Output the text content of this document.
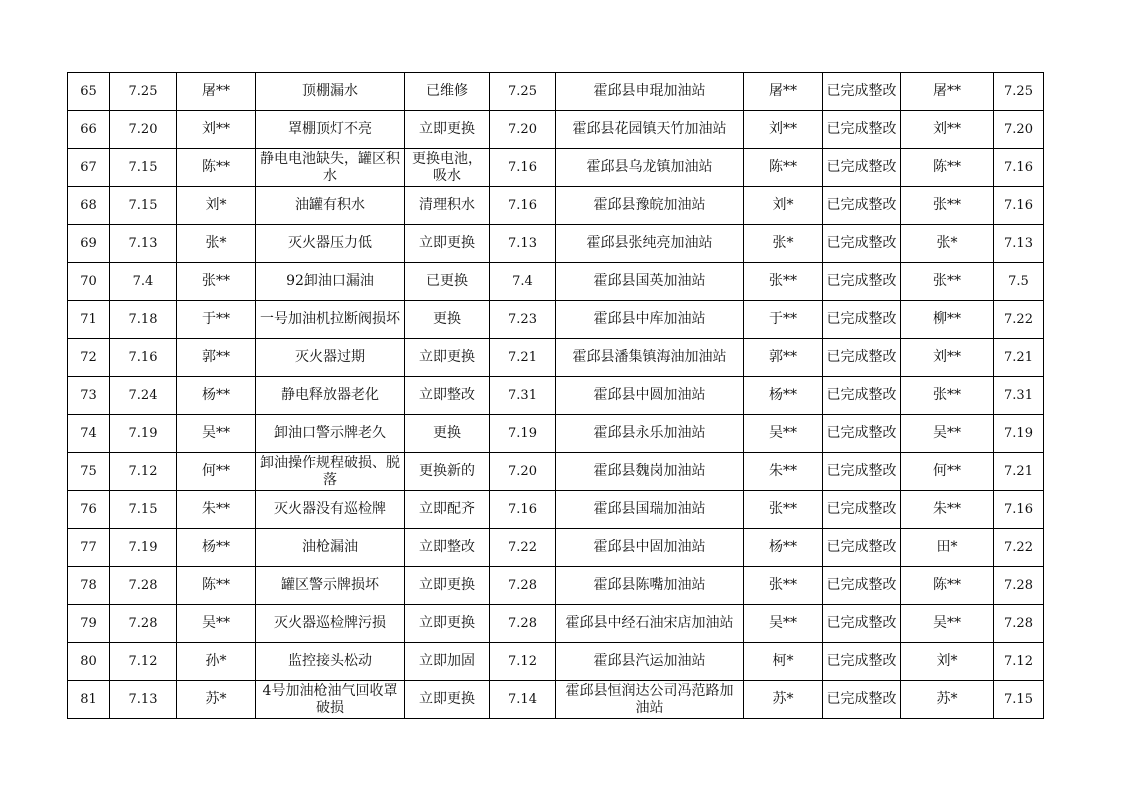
65	7.25	屠**	顶棚漏水	已维修	7.25	霍邱县申琨加油站	屠**	已完成整改	屠**	7.25
66	7.20	刘**	罩棚顶灯不亮	立即更换	7.20	霍邱县花园镇天竹加油站	刘**	已完成整改	刘**	7.20
67	7.15	陈**	静电电池缺失，罐区积水	更换电池，吸水	7.16	霍邱县乌龙镇加油站	陈**	已完成整改	陈**	7.16
68	7.15	刘*	油罐有积水	清理积水	7.16	霍邱县豫皖加油站	刘*	已完成整改	张**	7.16
69	7.13	张*	灭火器压力低	立即更换	7.13	霍邱县张纯亮加油站	张*	已完成整改	张*	7.13
70	7.4	张**	92卸油口漏油	已更换	7.4	霍邱县国英加油站	张**	已完成整改	张**	7.5
71	7.18	于**	一号加油机拉断阀损坏	更换	7.23	霍邱县中库加油站	于**	已完成整改	柳**	7.22
72	7.16	郭**	灭火器过期	立即更换	7.21	霍邱县潘集镇海油加油站	郭**	已完成整改	刘**	7.21
73	7.24	杨**	静电释放器老化	立即整改	7.31	霍邱县中圆加油站	杨**	已完成整改	张**	7.31
74	7.19	吴**	卸油口警示牌老久	更换	7.19	霍邱县永乐加油站	吴**	已完成整改	吴**	7.19
75	7.12	何**	卸油操作规程破损、脱落	更换新的	7.20	霍邱县魏岗加油站	朱**	已完成整改	何**	7.21
76	7.15	朱**	灭火器没有巡检牌	立即配齐	7.16	霍邱县国瑞加油站	张**	已完成整改	朱**	7.16
77	7.19	杨**	油枪漏油	立即整改	7.22	霍邱县中固加油站	杨**	已完成整改	田*	7.22
78	7.28	陈**	罐区警示牌损坏	立即更换	7.28	霍邱县陈嘴加油站	张**	已完成整改	陈**	7.28
79	7.28	吴**	灭火器巡检牌污损	立即更换	7.28	霍邱县中经石油宋店加油站	吴**	已完成整改	吴**	7.28
80	7.12	孙*	监控接头松动	立即加固	7.12	霍邱县汽运加油站	柯*	已完成整改	刘*	7.12
81	7.13	苏*	4号加油枪油气回收罩破损	立即更换	7.14	霍邱县恒润达公司冯范路加油站	苏*	已完成整改	苏*	7.15
